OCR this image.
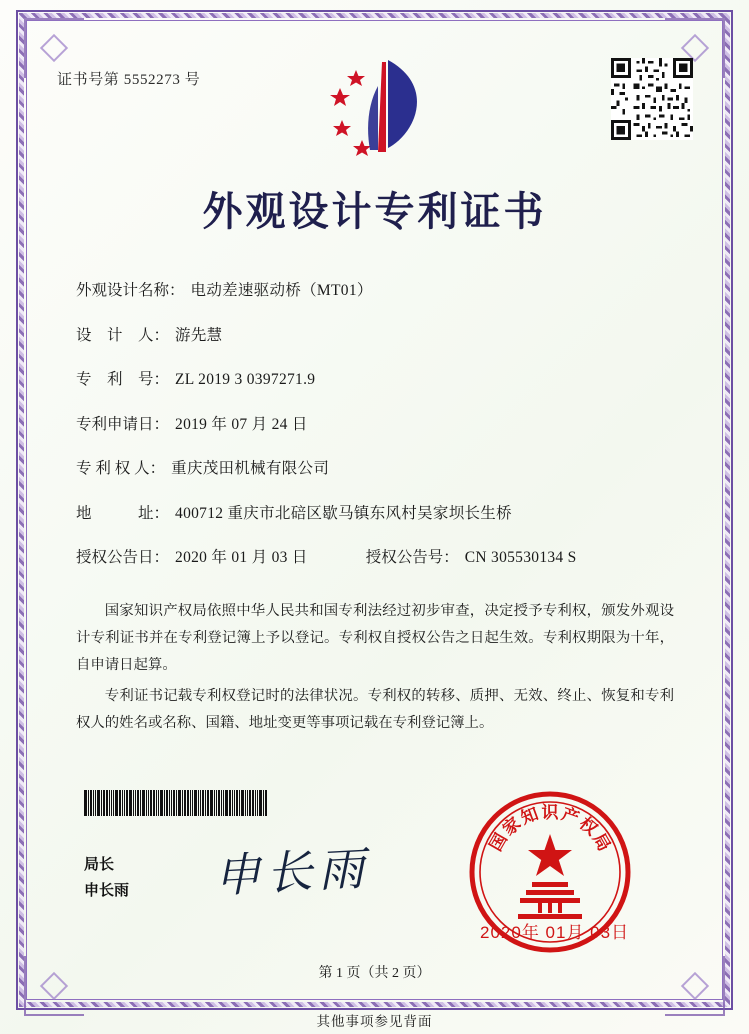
证书号第 5552273 号
外观设计专利证书
外观设计名称： 电动差速驱动桥（MT01）
设　计　人： 游先慧
专　利　号： ZL 2019 3 0397271.9
专利申请日： 2019 年 07 月 24 日
专 利 权 人： 重庆茂田机械有限公司
地　　　址： 400712 重庆市北碚区歇马镇东风村吴家坝长生桥
授权公告日： 2020 年 01 月 03 日	授权公告号： CN 305530134 S

国家知识产权局依照中华人民共和国专利法经过初步审查，决定授予专利权，颁发外观设计专利证书并在专利登记簿上予以登记。专利权自授权公告之日起生效。专利权期限为十年，自申请日起算。

专利证书记载专利权登记时的法律状况。专利权的转移、质押、无效、终止、恢复和专利权人的姓名或名称、国籍、地址变更等事项记载在专利登记簿上。

局长
申长雨 申长雨
国
家
知 识 产
权
局
2020年 01月 03日
第 1 页（共 2 页）
其他事项参见背面
